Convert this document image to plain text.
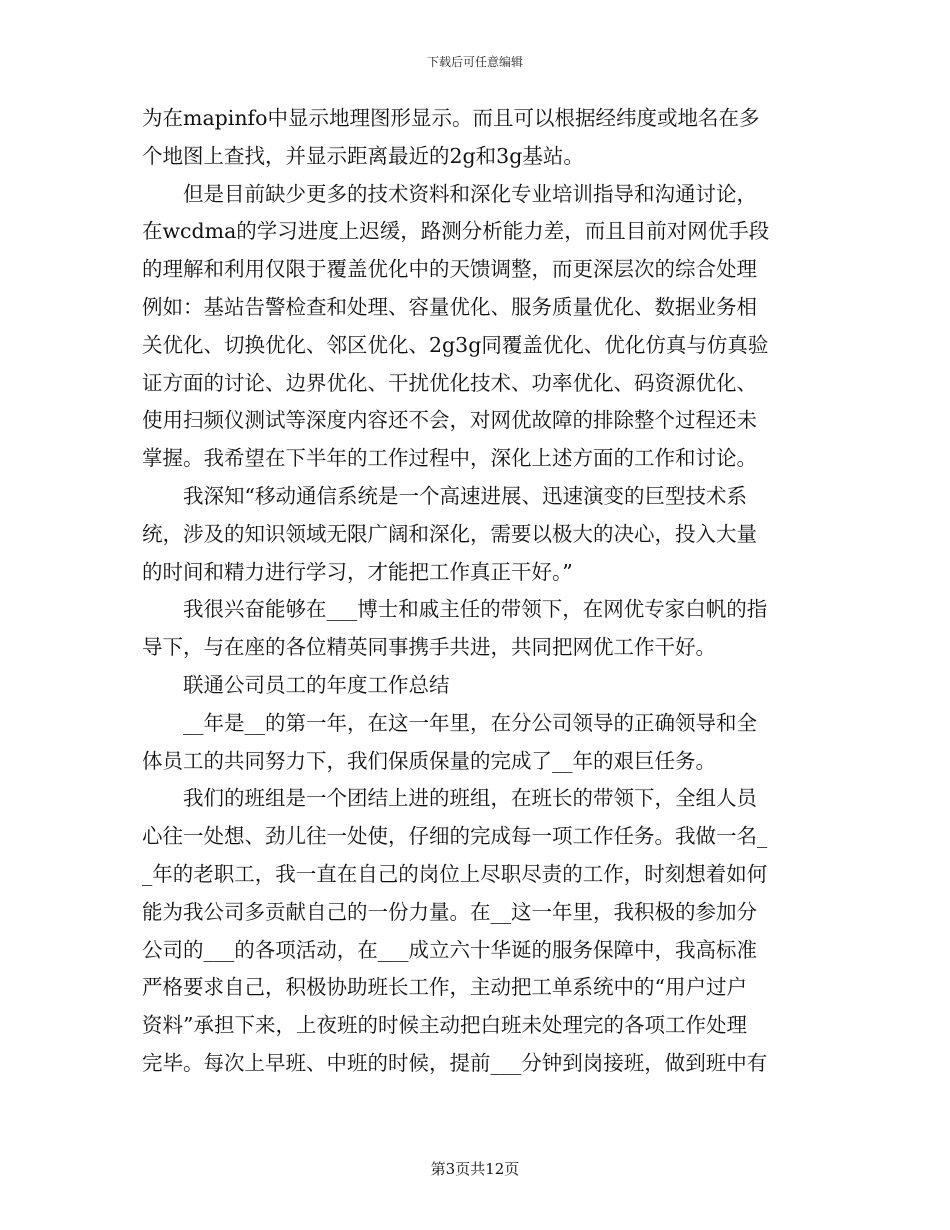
下载后可任意编辑
为在mapinfo中显示地理图形显示。而且可以根据经纬度或地名在多
个地图上查找，并显示距离最近的2g和3g基站。
但是目前缺少更多的技术资料和深化专业培训指导和沟通讨论，
在wcdma的学习进度上迟缓，路测分析能力差，而且目前对网优手段
的理解和利用仅限于覆盖优化中的天馈调整，而更深层次的综合处理
例如：基站告警检查和处理、容量优化、服务质量优化、数据业务相
关优化、切换优化、邻区优化、2g3g同覆盖优化、优化仿真与仿真验
证方面的讨论、边界优化、干扰优化技术、功率优化、码资源优化、
使用扫频仪测试等深度内容还不会，对网优故障的排除整个过程还未
掌握。我希望在下半年的工作过程中，深化上述方面的工作和讨论。
我深知“移动通信系统是一个高速进展、迅速演变的巨型技术系
统，涉及的知识领域无限广阔和深化，需要以极大的决心，投入大量
的时间和精力进行学习，才能把工作真正干好。”
我很兴奋能够在___博士和戚主任的带领下，在网优专家白帆的指
导下，与在座的各位精英同事携手共进，共同把网优工作干好。
联通公司员工的年度工作总结
__年是__的第一年，在这一年里，在分公司领导的正确领导和全
体员工的共同努力下，我们保质保量的完成了__年的艰巨任务。
我们的班组是一个团结上进的班组，在班长的带领下，全组人员
心往一处想、劲儿往一处使，仔细的完成每一项工作任务。我做一名_
_年的老职工，我一直在自己的岗位上尽职尽责的工作，时刻想着如何
能为我公司多贡献自己的一份力量。在__这一年里，我积极的参加分
公司的___的各项活动，在___成立六十华诞的服务保障中，我高标准
严格要求自己，积极协助班长工作，主动把工单系统中的“用户过户
资料”承担下来，上夜班的时候主动把白班未处理完的各项工作处理
完毕。每次上早班、中班的时候，提前___分钟到岗接班，做到班中有
第3页共12页
